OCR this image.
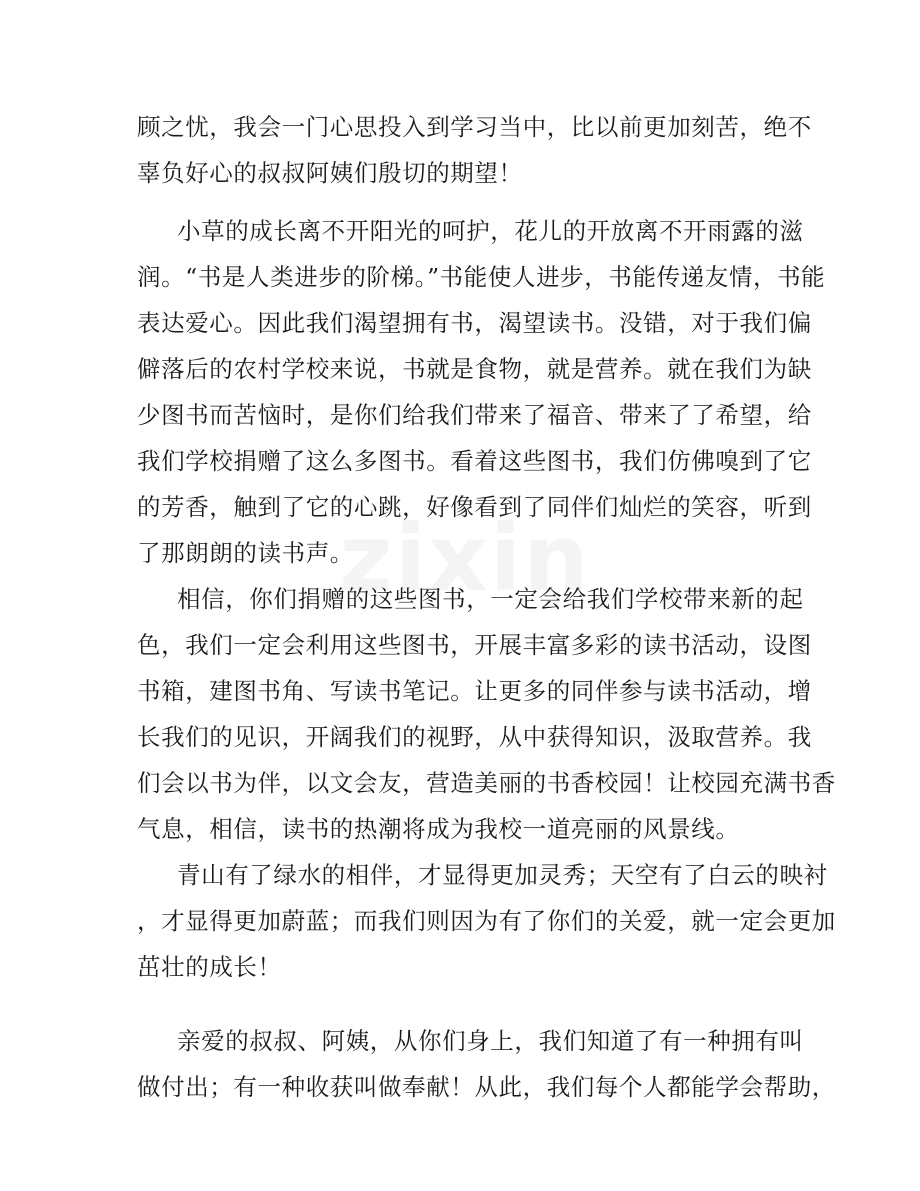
顾之忧，我会一门心思投入到学习当中，比以前更加刻苦，绝不
辜负好心的叔叔阿姨们殷切的期望！
小草的成长离不开阳光的呵护，花儿的开放离不开雨露的滋
润。“书是人类进步的阶梯。”书能使人进步，书能传递友情，书能
表达爱心。因此我们渴望拥有书，渴望读书。没错，对于我们偏
僻落后的农村学校来说，书就是食物，就是营养。就在我们为缺
少图书而苦恼时，是你们给我们带来了福音、带来了了希望，给
我们学校捐赠了这么多图书。看着这些图书，我们仿佛嗅到了它
的芳香，触到了它的心跳，好像看到了同伴们灿烂的笑容，听到
了那朗朗的读书声。
相信，你们捐赠的这些图书，一定会给我们学校带来新的起
色，我们一定会利用这些图书，开展丰富多彩的读书活动，设图
书箱，建图书角、写读书笔记。让更多的同伴参与读书活动，增
长我们的见识，开阔我们的视野，从中获得知识，汲取营养。我
们会以书为伴，以文会友，营造美丽的书香校园！让校园充满书香
气息，相信，读书的热潮将成为我校一道亮丽的风景线。
青山有了绿水的相伴，才显得更加灵秀；天空有了白云的映衬
，才显得更加蔚蓝；而我们则因为有了你们的关爱，就一定会更加
茁壮的成长！
亲爱的叔叔、阿姨，从你们身上，我们知道了有一种拥有叫
做付出；有一种收获叫做奉献！从此，我们每个人都能学会帮助，
